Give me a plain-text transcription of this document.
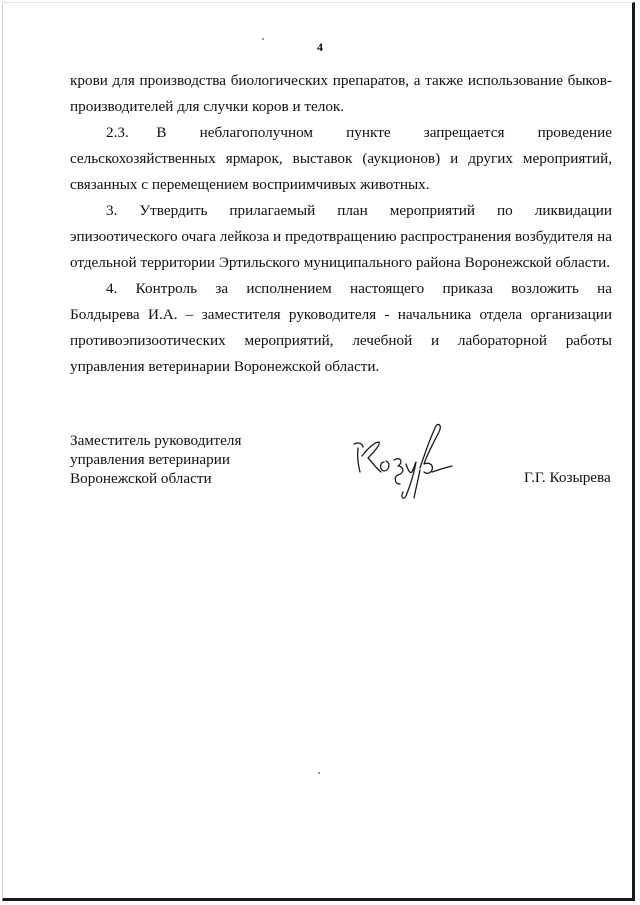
4

крови для производства биологических препаратов, а также использование быков-
производителей для случки коров и телок.

2.3.     В      неблагополучном      пункте      запрещается      проведение
сельскохозяйственных ярмарок, выставок (аукционов) и других мероприятий, связанных с перемещением восприимчивых животных.

3. Утвердить прилагаемый план мероприятий по ликвидации эпизоотического очага лейкоза и предотвращению распространения возбудителя на отдельной территории Эртильского муниципального района Воронежской области.

4.    Контроль    за    исполнением    настоящего    приказа    возложить    на
Болдырева И.А. – заместителя руководителя - начальника отдела организации противоэпизоотических мероприятий, лечебной и лабораторной работы управления ветеринарии Воронежской области.

Заместитель руководителя
управления ветеринарии
Воронежской области	Г.Г. Козырева
